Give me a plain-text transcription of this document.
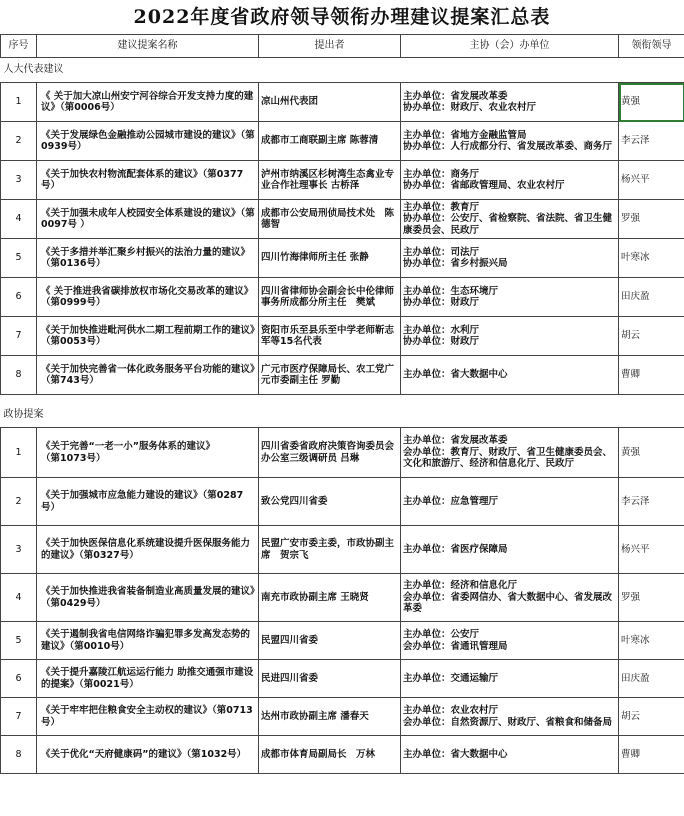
2022年度省政府领导领衔办理建议提案汇总表
序号	建议提案名称	提出者	主协（会）办单位	领衔领导
人大代表建议				
1	《 关于加大凉山州安宁河谷综合开发支持力度的建议》（第0006号）	凉山州代表团	主办单位：省发展改革委
协办单位：财政厅、农业农村厅	黄强
2	《关于发展绿色金融推动公园城市建设的建议》（第0939号）	成都市工商联副主席 陈蓉清	主办单位：省地方金融监管局
协办单位：人行成都分行、省发展改革委、商务厅	李云泽
3	《关于加快农村物流配套体系的建议》（第0377号）	泸州市纳溪区杉树湾生态禽业专业合作社理事长 古桥泽	主办单位：商务厅
协办单位：省邮政管理局、农业农村厅	杨兴平
4	《关于加强未成年人校园安全体系建设的建议》（第0097号 ）	成都市公安局刑侦局技术处　陈德智	主办单位：教育厅
协办单位：公安厅、省检察院、省法院、省卫生健康委员会、民政厅	罗强
5	《关于多措并举汇聚乡村振兴的法治力量的建议》（第0136号）	四川竹海律师所主任 张静	主办单位：司法厅
协办单位：省乡村振兴局	叶寒冰
6	《 关于推进我省碳排放权市场化交易改革的建议》（第0999号）	四川省律师协会副会长中伦律师事务所成都分所主任　樊斌	主办单位：生态环境厅
协办单位：财政厅	田庆盈
7	《关于加快推进毗河供水二期工程前期工作的建议》（第0053号）	资阳市乐至县乐至中学老师靳志军等15名代表	主办单位：水利厅
协办单位：财政厅	胡云
8	《关于加快完善省一体化政务服务平台功能的建议》（第743号）	广元市医疗保障局长、农工党广元市委副主任 罗勤	主办单位：省大数据中心	曹卿

政协提案				
1	《关于完善“一老一小”服务体系的建议》　　　　　（第1073号）	四川省委省政府决策咨询委员会办公室三级调研员 吕琳	主办单位：省发展改革委
会办单位：教育厅、财政厅、省卫生健康委员会、文化和旅游厅、经济和信息化厅、民政厅	黄强
2	《关于加强城市应急能力建设的建议》（第0287号）	致公党四川省委	主办单位：应急管理厅	李云泽
3	《关于加快医保信息化系统建设提升医保服务能力的建议》（第0327号）	民盟广安市委主委，市政协副主席　贺宗飞	主办单位：省医疗保障局	杨兴平
4	《关于加快推进我省装备制造业高质量发展的建议》（第0429号）	南充市政协副主席 王晓贤	主办单位：经济和信息化厅
会办单位：省委网信办、省大数据中心、省发展改革委	罗强
5	《关于遏制我省电信网络诈骗犯罪多发高发态势的建议》（第0010号）	民盟四川省委	主办单位：公安厅
会办单位：省通讯管理局	叶寒冰
6	《关于提升嘉陵江航运运行能力 助推交通强市建设的提案》（第0021号）	民进四川省委	主办单位：交通运输厅	田庆盈
7	《关于牢牢把住粮食安全主动权的建议》（第0713号）	达州市政协副主席 潘春天	主办单位：农业农村厅
会办单位：自然资源厅、财政厅、省粮食和储备局	胡云
8	《关于优化“天府健康码”的建议》（第1032号）	成都市体育局副局长　万林	主办单位：省大数据中心	曹卿
